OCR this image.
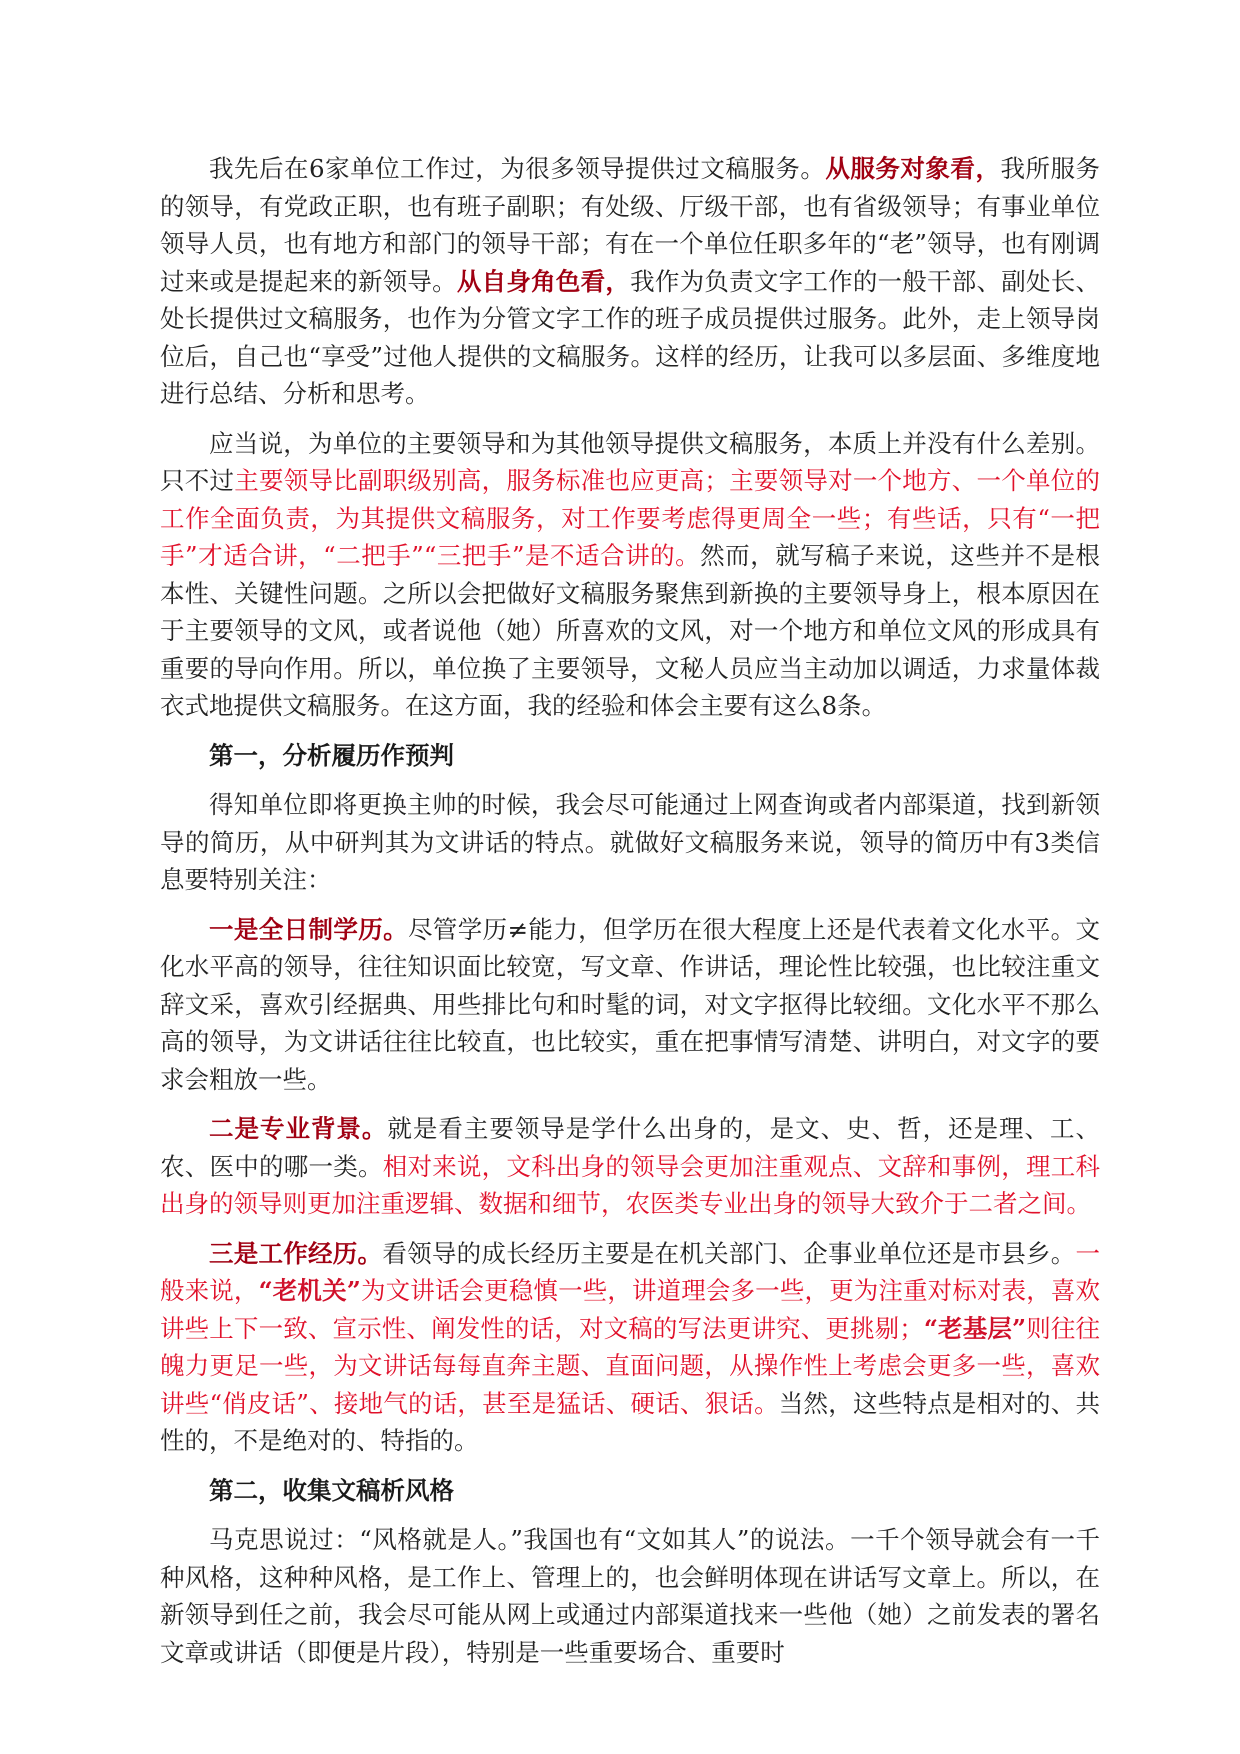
我先后在6家单位工作过，为很多领导提供过文稿服务。从服务对象看，我所服务的领导，有党政正职，也有班子副职；有处级、厅级干部，也有省级领导；有事业单位领导人员，也有地方和部门的领导干部；有在一个单位任职多年的“老”领导，也有刚调过来或是提起来的新领导。从自身角色看，我作为负责文字工作的一般干部、副处长、处长提供过文稿服务，也作为分管文字工作的班子成员提供过服务。此外，走上领导岗位后，自己也“享受”过他人提供的文稿服务。这样的经历，让我可以多层面、多维度地进行总结、分析和思考。

应当说，为单位的主要领导和为其他领导提供文稿服务，本质上并没有什么差别。只不过主要领导比副职级别高，服务标准也应更高；主要领导对一个地方、一个单位的工作全面负责，为其提供文稿服务，对工作要考虑得更周全一些；有些话，只有“一把手”才适合讲，“二把手”“三把手”是不适合讲的。然而，就写稿子来说，这些并不是根本性、关键性问题。之所以会把做好文稿服务聚焦到新换的主要领导身上，根本原因在于主要领导的文风，或者说他（她）所喜欢的文风，对一个地方和单位文风的形成具有重要的导向作用。所以，单位换了主要领导，文秘人员应当主动加以调适，力求量体裁衣式地提供文稿服务。在这方面，我的经验和体会主要有这么8条。

第一，分析履历作预判

得知单位即将更换主帅的时候，我会尽可能通过上网查询或者内部渠道，找到新领导的简历，从中研判其为文讲话的特点。就做好文稿服务来说，领导的简历中有3类信息要特别关注：

一是全日制学历。尽管学历≠能力，但学历在很大程度上还是代表着文化水平。文化水平高的领导，往往知识面比较宽，写文章、作讲话，理论性比较强，也比较注重文辞文采，喜欢引经据典、用些排比句和时髦的词，对文字抠得比较细。文化水平不那么高的领导，为文讲话往往比较直，也比较实，重在把事情写清楚、讲明白，对文字的要求会粗放一些。

二是专业背景。就是看主要领导是学什么出身的，是文、史、哲，还是理、工、农、医中的哪一类。相对来说，文科出身的领导会更加注重观点、文辞和事例，理工科出身的领导则更加注重逻辑、数据和细节，农医类专业出身的领导大致介于二者之间。

三是工作经历。看领导的成长经历主要是在机关部门、企事业单位还是市县乡。一般来说，“老机关”为文讲话会更稳慎一些，讲道理会多一些，更为注重对标对表，喜欢讲些上下一致、宣示性、阐发性的话，对文稿的写法更讲究、更挑剔；“老基层”则往往魄力更足一些，为文讲话每每直奔主题、直面问题，从操作性上考虑会更多一些，喜欢讲些“俏皮话”、接地气的话，甚至是猛话、硬话、狠话。当然，这些特点是相对的、共性的，不是绝对的、特指的。

第二，收集文稿析风格

马克思说过：“风格就是人。”我国也有“文如其人”的说法。一千个领导就会有一千种风格，这种种风格，是工作上、管理上的，也会鲜明体现在讲话写文章上。所以，在新领导到任之前，我会尽可能从网上或通过内部渠道找来一些他（她）之前发表的署名文章或讲话（即便是片段），特别是一些重要场合、重要时
